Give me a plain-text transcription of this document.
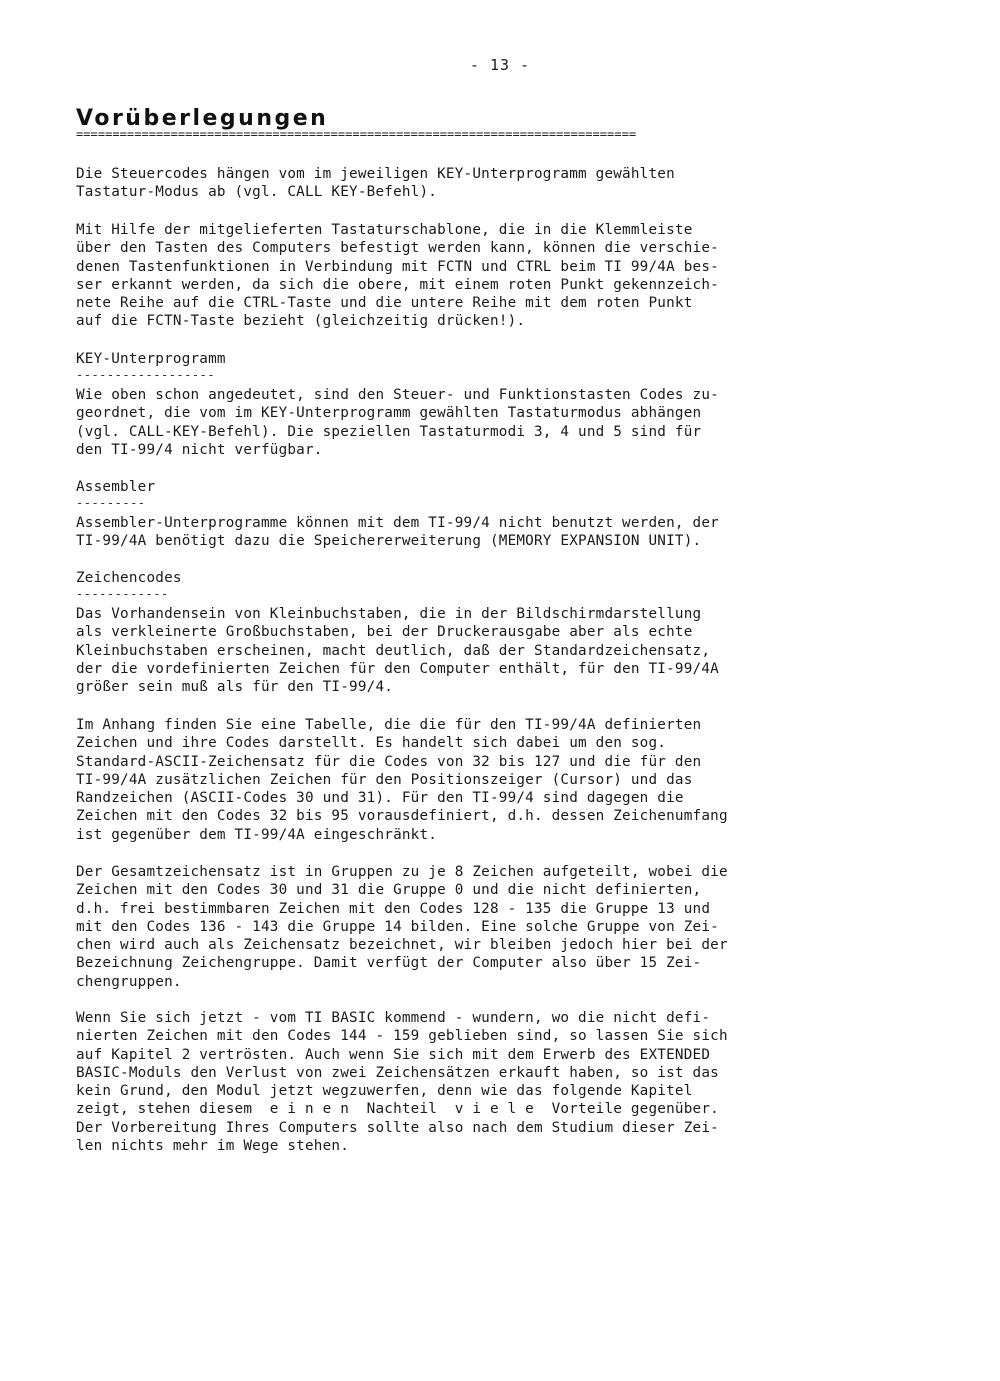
- 13 -
Vorüberlegungen
=============================================================================
Die Steuercodes hängen vom im jeweiligen KEY-Unterprogramm gewählten
Tastatur-Modus ab (vgl. CALL KEY-Befehl).
Mit Hilfe der mitgelieferten Tastaturschablone, die in die Klemmleiste
über den Tasten des Computers befestigt werden kann, können die verschie-
denen Tastenfunktionen in Verbindung mit FCTN und CTRL beim TI 99/4A bes-
ser erkannt werden, da sich die obere, mit einem roten Punkt gekennzeich-
nete Reihe auf die CTRL-Taste und die untere Reihe mit dem roten Punkt
auf die FCTN-Taste bezieht (gleichzeitig drücken!).
KEY-Unterprogramm
------------------
Wie oben schon angedeutet, sind den Steuer- und Funktionstasten Codes zu-
geordnet, die vom im KEY-Unterprogramm gewählten Tastaturmodus abhängen
(vgl. CALL-KEY-Befehl). Die speziellen Tastaturmodi 3, 4 und 5 sind für
den TI-99/4 nicht verfügbar.
Assembler
---------
Assembler-Unterprogramme können mit dem TI-99/4 nicht benutzt werden, der
TI-99/4A benötigt dazu die Speichererweiterung (MEMORY EXPANSION UNIT).
Zeichencodes
------------
Das Vorhandensein von Kleinbuchstaben, die in der Bildschirmdarstellung
als verkleinerte Großbuchstaben, bei der Druckerausgabe aber als echte
Kleinbuchstaben erscheinen, macht deutlich, daß der Standardzeichensatz,
der die vordefinierten Zeichen für den Computer enthält, für den TI-99/4A
größer sein muß als für den TI-99/4.
Im Anhang finden Sie eine Tabelle, die die für den TI-99/4A definierten
Zeichen und ihre Codes darstellt. Es handelt sich dabei um den sog.
Standard-ASCII-Zeichensatz für die Codes von 32 bis 127 und die für den
TI-99/4A zusätzlichen Zeichen für den Positionszeiger (Cursor) und das
Randzeichen (ASCII-Codes 30 und 31). Für den TI-99/4 sind dagegen die
Zeichen mit den Codes 32 bis 95 vorausdefiniert, d.h. dessen Zeichenumfang
ist gegenüber dem TI-99/4A eingeschränkt.
Der Gesamtzeichensatz ist in Gruppen zu je 8 Zeichen aufgeteilt, wobei die
Zeichen mit den Codes 30 und 31 die Gruppe 0 und die nicht definierten,
d.h. frei bestimmbaren Zeichen mit den Codes 128 - 135 die Gruppe 13 und
mit den Codes 136 - 143 die Gruppe 14 bilden. Eine solche Gruppe von Zei-
chen wird auch als Zeichensatz bezeichnet, wir bleiben jedoch hier bei der
Bezeichnung Zeichengruppe. Damit verfügt der Computer also über 15 Zei-
chengruppen.
Wenn Sie sich jetzt - vom TI BASIC kommend - wundern, wo die nicht defi-
nierten Zeichen mit den Codes 144 - 159 geblieben sind, so lassen Sie sich
auf Kapitel 2 vertrösten. Auch wenn Sie sich mit dem Erwerb des EXTENDED
BASIC-Moduls den Verlust von zwei Zeichensätzen erkauft haben, so ist das
kein Grund, den Modul jetzt wegzuwerfen, denn wie das folgende Kapitel
zeigt, stehen diesem  e i n e n  Nachteil  v i e l e  Vorteile gegenüber.
Der Vorbereitung Ihres Computers sollte also nach dem Studium dieser Zei-
len nichts mehr im Wege stehen.
